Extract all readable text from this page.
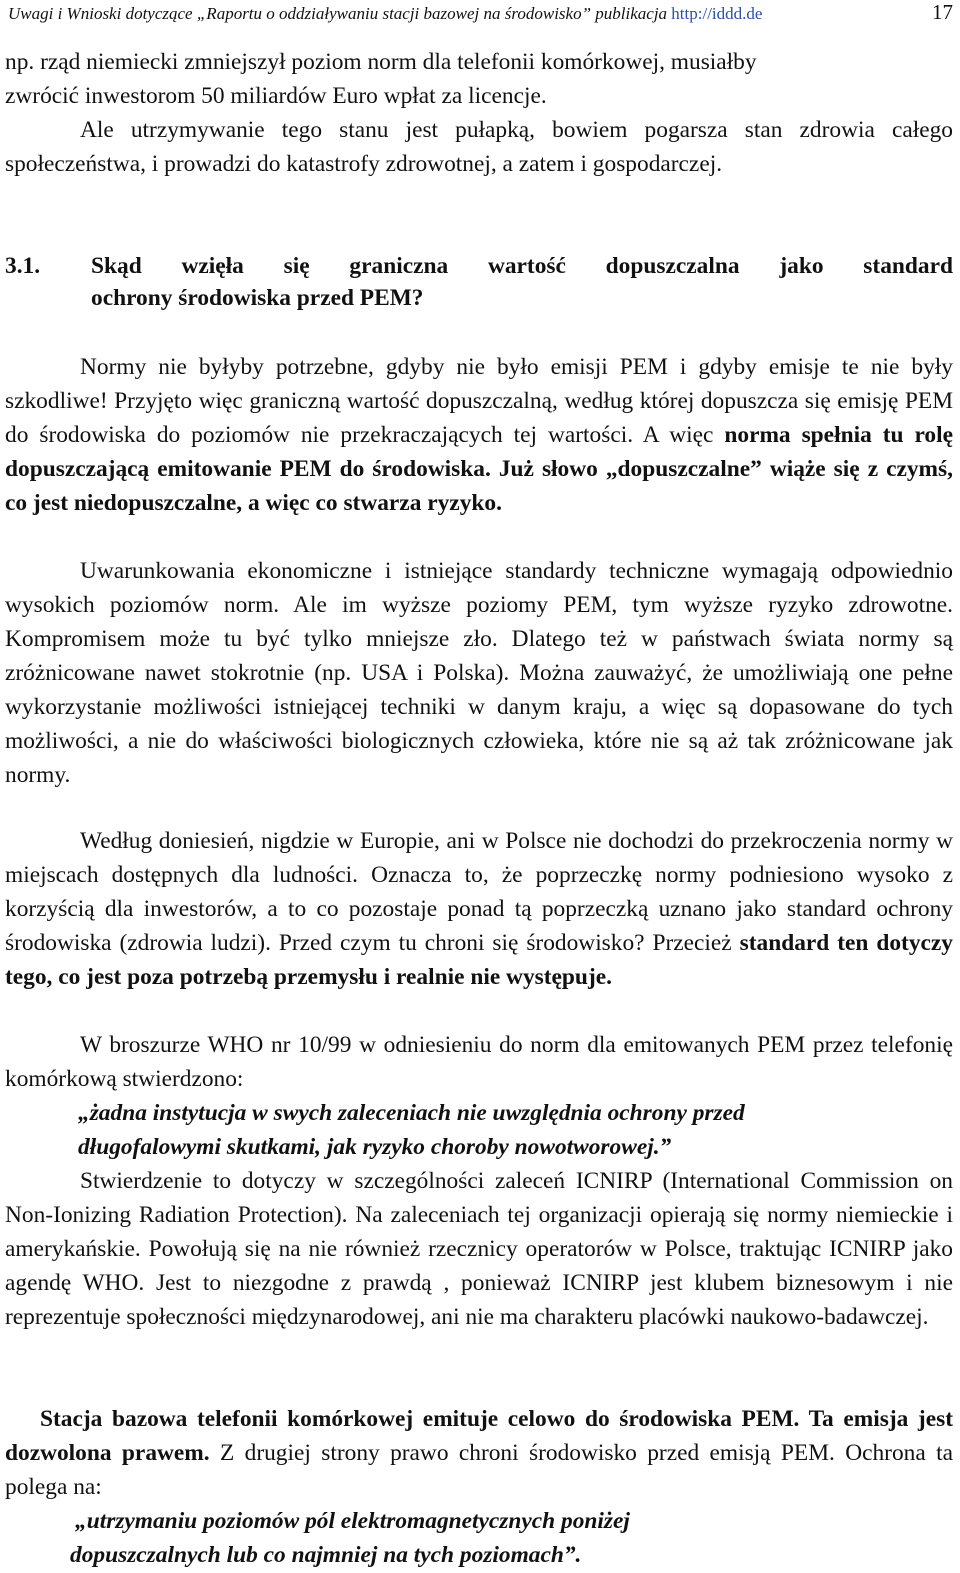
Uwagi i Wnioski dotyczące „Raportu o oddziaływaniu stacji bazowej na środowisko” publikacja http://iddd.de	17
np. rząd niemiecki zmniejszył poziom norm dla telefonii komórkowej, musiałby
zwrócić inwestorom 50 miliardów Euro wpłat za licencje.

Ale utrzymywanie tego stanu jest pułapką, bowiem pogarsza stan zdrowia całego społeczeństwa, i prowadzi do katastrofy zdrowotnej, a zatem i gospodarczej.

3.1. Skąd wzięła się graniczna wartość dopuszczalna jako standard
ochrony środowiska przed PEM?

Normy nie byłyby potrzebne, gdyby nie było emisji PEM i gdyby emisje te nie były szkodliwe! Przyjęto więc graniczną wartość dopuszczalną, według której dopuszcza się emisję PEM do środowiska do poziomów nie przekraczających tej wartości. A więc norma spełnia tu rolę dopuszczającą emitowanie PEM do środowiska. Już słowo „dopuszczalne” wiąże się z czymś, co jest niedopuszczalne, a więc co stwarza ryzyko.

Uwarunkowania ekonomiczne i istniejące standardy techniczne wymagają odpowiednio wysokich poziomów norm. Ale im wyższe poziomy PEM, tym wyższe ryzyko zdrowotne. Kompromisem może tu być tylko mniejsze zło. Dlatego też w państwach świata normy są zróżnicowane nawet stokrotnie (np. USA i Polska). Można zauważyć, że umożliwiają one pełne wykorzystanie możliwości istniejącej techniki w danym kraju, a więc są dopasowane do tych możliwości, a nie do właściwości biologicznych człowieka, które nie są aż tak zróżnicowane jak normy.

Według doniesień, nigdzie w Europie, ani w Polsce nie dochodzi do przekroczenia normy w miejscach dostępnych dla ludności. Oznacza to, że poprzeczkę normy podniesiono wysoko z korzyścią dla inwestorów, a to co pozostaje ponad tą poprzeczką uznano jako standard ochrony środowiska (zdrowia ludzi). Przed czym tu chroni się środowisko? Przecież standard ten dotyczy tego, co jest poza potrzebą przemysłu i realnie nie występuje.

W broszurze WHO nr 10/99 w odniesieniu do norm dla emitowanych PEM przez telefonię komórkową stwierdzono:

„żadna instytucja w swych zaleceniach nie uwzględnia ochrony przed
długofalowymi skutkami, jak ryzyko choroby nowotworowej.”

Stwierdzenie to dotyczy w szczególności zaleceń ICNIRP (International Commission on Non-Ionizing Radiation Protection). Na zaleceniach tej organizacji opierają się normy niemieckie i amerykańskie. Powołują się na nie również rzecznicy operatorów w Polsce, traktując ICNIRP jako agendę WHO. Jest to niezgodne z prawdą , ponieważ ICNIRP jest klubem biznesowym i nie reprezentuje społeczności międzynarodowej, ani nie ma charakteru placówki naukowo-badawczej.

Stacja bazowa telefonii komórkowej emituje celowo do środowiska PEM. Ta emisja jest dozwolona prawem. Z drugiej strony prawo chroni środowisko przed emisją PEM. Ochrona ta polega na:

„utrzymaniu poziomów pól elektromagnetycznych poniżej
dopuszczalnych lub co najmniej na tych poziomach”.
